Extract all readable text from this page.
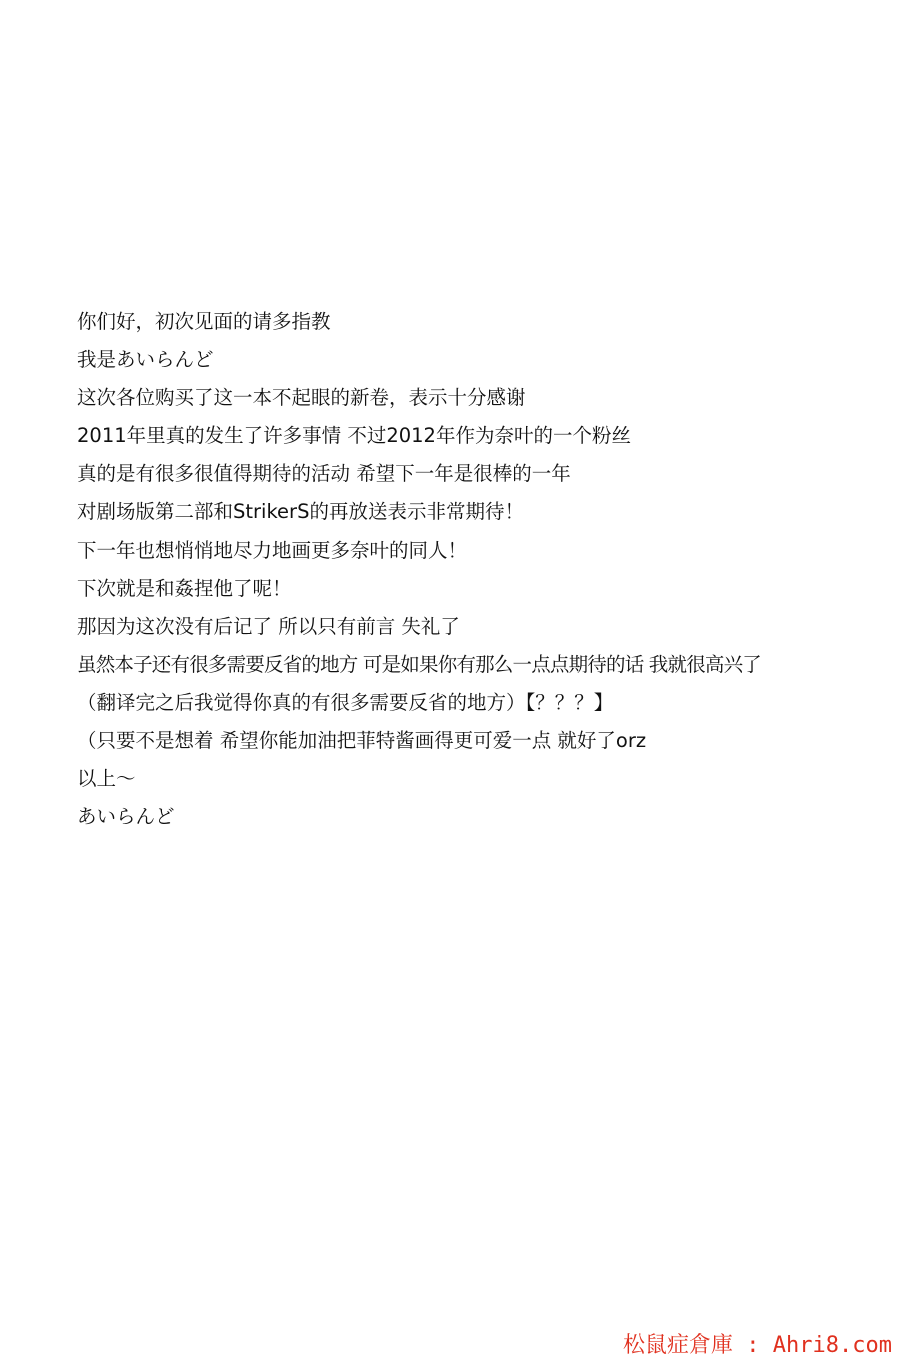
你们好，初次见面的请多指教
我是あいらんど
这次各位购买了这一本不起眼的新卷，表示十分感谢
2011年里真的发生了许多事情 不过2012年作为奈叶的一个粉丝
真的是有很多很值得期待的活动 希望下一年是很棒的一年
对剧场版第二部和StrikerS的再放送表示非常期待！
下一年也想悄悄地尽力地画更多奈叶的同人！
下次就是和姦捏他了呢！
那因为这次没有后记了 所以只有前言 失礼了
虽然本子还有很多需要反省的地方 可是如果你有那么一点点期待的话 我就很高兴了
（翻译完之后我觉得你真的有很多需要反省的地方）【？？？】
（只要不是想着 希望你能加油把菲特酱画得更可爱一点 就好了orz
以上～
あいらんど
松鼠症倉庫 : Ahri8.com
